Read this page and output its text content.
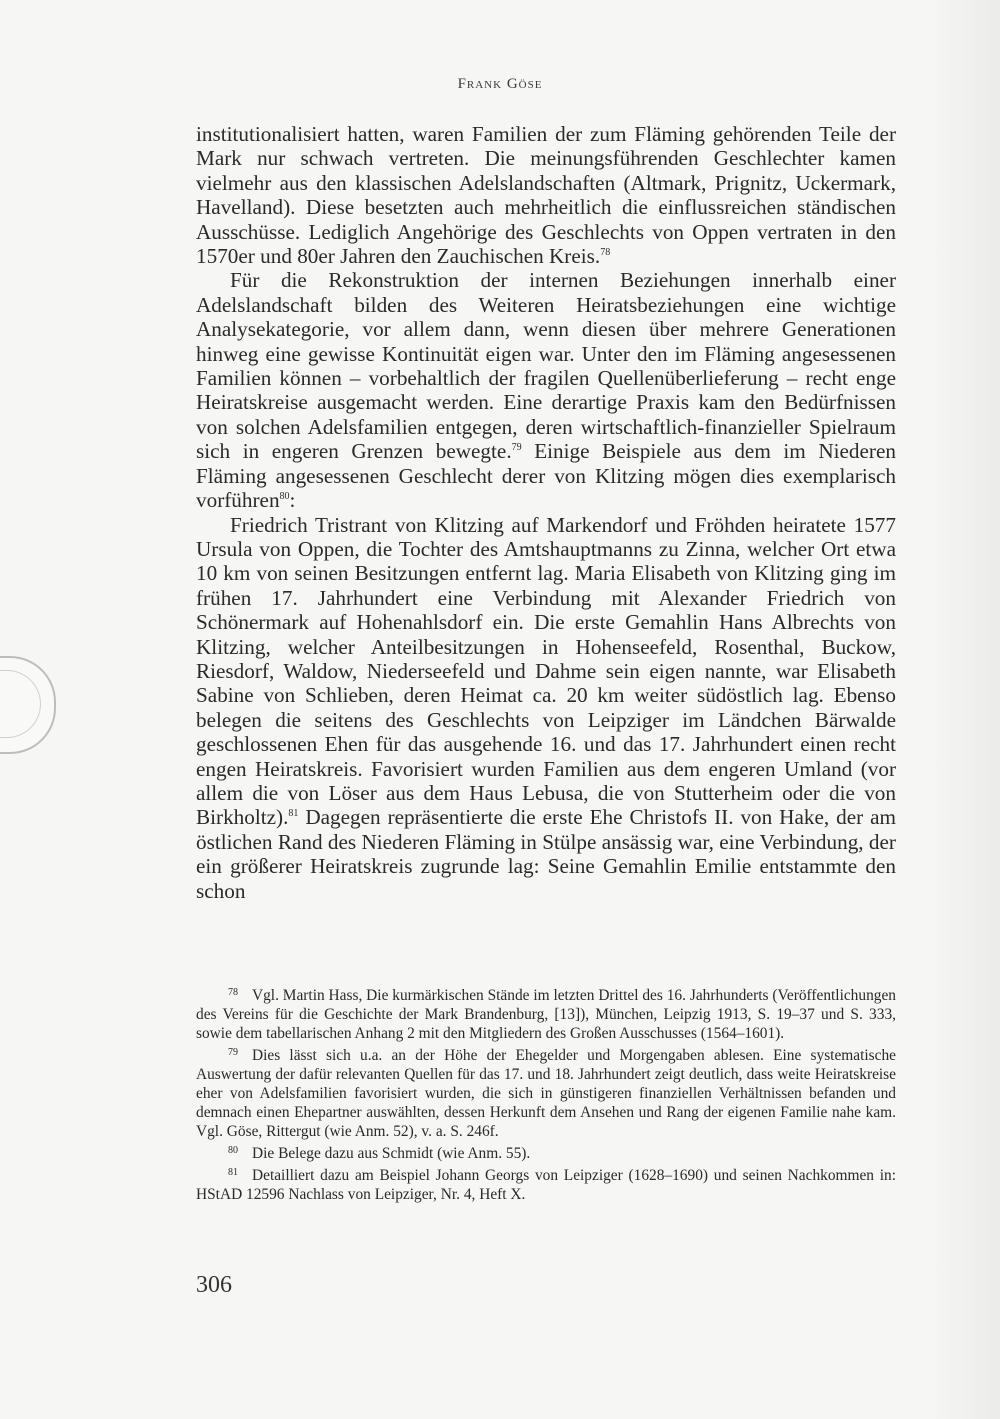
Frank Göse

institutionalisiert hatten, waren Familien der zum Fläming gehörenden Teile der Mark nur schwach vertreten. Die meinungsführenden Geschlechter kamen vielmehr aus den klassischen Adelslandschaften (Altmark, Prignitz, Uckermark, Havelland). Diese besetzten auch mehrheitlich die einflussreichen ständischen Ausschüsse. Lediglich Angehörige des Geschlechts von Oppen vertraten in den 1570er und 80er Jahren den Zauchischen Kreis.$^{78}$

Für die Rekonstruktion der internen Beziehungen innerhalb einer Adelslandschaft bilden des Weiteren Heiratsbeziehungen eine wichtige Analysekategorie, vor allem dann, wenn diesen über mehrere Generationen hinweg eine gewisse Kontinuität eigen war. Unter den im Fläming angesessenen Familien können – vorbehaltlich der fragilen Quellenüberlieferung – recht enge Heiratskreise ausgemacht werden. Eine derartige Praxis kam den Bedürfnissen von solchen Adelsfamilien entgegen, deren wirtschaftlich-finanzieller Spielraum sich in engeren Grenzen bewegte.$^{79}$ Einige Beispiele aus dem im Niederen Fläming angesessenen Geschlecht derer von Klitzing mögen dies exemplarisch vorführen$^{80}$:

Friedrich Tristrant von Klitzing auf Markendorf und Fröhden heiratete 1577 Ursula von Oppen, die Tochter des Amtshauptmanns zu Zinna, welcher Ort etwa 10 km von seinen Besitzungen entfernt lag. Maria Elisabeth von Klitzing ging im frühen 17. Jahrhundert eine Verbindung mit Alexander Friedrich von Schönermark auf Hohenahlsdorf ein. Die erste Gemahlin Hans Albrechts von Klitzing, welcher Anteilbesitzungen in Hohenseefeld, Rosenthal, Buckow, Riesdorf, Waldow, Niederseefeld und Dahme sein eigen nannte, war Elisabeth Sabine von Schlieben, deren Heimat ca. 20 km weiter südöstlich lag. Ebenso belegen die seitens des Geschlechts von Leipziger im Ländchen Bärwalde geschlossenen Ehen für das ausgehende 16. und das 17. Jahrhundert einen recht engen Heiratskreis. Favorisiert wurden Familien aus dem engeren Umland (vor allem die von Löser aus dem Haus Lebusa, die von Stutterheim oder die von Birkholtz).$^{81}$ Dagegen repräsentierte die erste Ehe Christofs II. von Hake, der am östlichen Rand des Niederen Fläming in Stülpe ansässig war, eine Verbindung, der ein größerer Heiratskreis zugrunde lag: Seine Gemahlin Emilie entstammte den schon

78 Vgl. Martin Hass, Die kurmärkischen Stände im letzten Drittel des 16. Jahrhunderts (Veröffentlichungen des Vereins für die Geschichte der Mark Brandenburg, [13]), München, Leipzig 1913, S. 19–37 und S. 333, sowie dem tabellarischen Anhang 2 mit den Mitgliedern des Großen Ausschusses (1564–1601).

79 Dies lässt sich u.a. an der Höhe der Ehegelder und Morgengaben ablesen. Eine systematische Auswertung der dafür relevanten Quellen für das 17. und 18. Jahrhundert zeigt deutlich, dass weite Heiratskreise eher von Adelsfamilien favorisiert wurden, die sich in günstigeren finanziellen Verhältnissen befanden und demnach einen Ehepartner auswählten, dessen Herkunft dem Ansehen und Rang der eigenen Familie nahe kam. Vgl. Göse, Rittergut (wie Anm. 52), v. a. S. 246f.

80 Die Belege dazu aus Schmidt (wie Anm. 55).

81 Detailliert dazu am Beispiel Johann Georgs von Leipziger (1628–1690) und seinen Nachkommen in: HStAD 12596 Nachlass von Leipziger, Nr. 4, Heft X.

306
